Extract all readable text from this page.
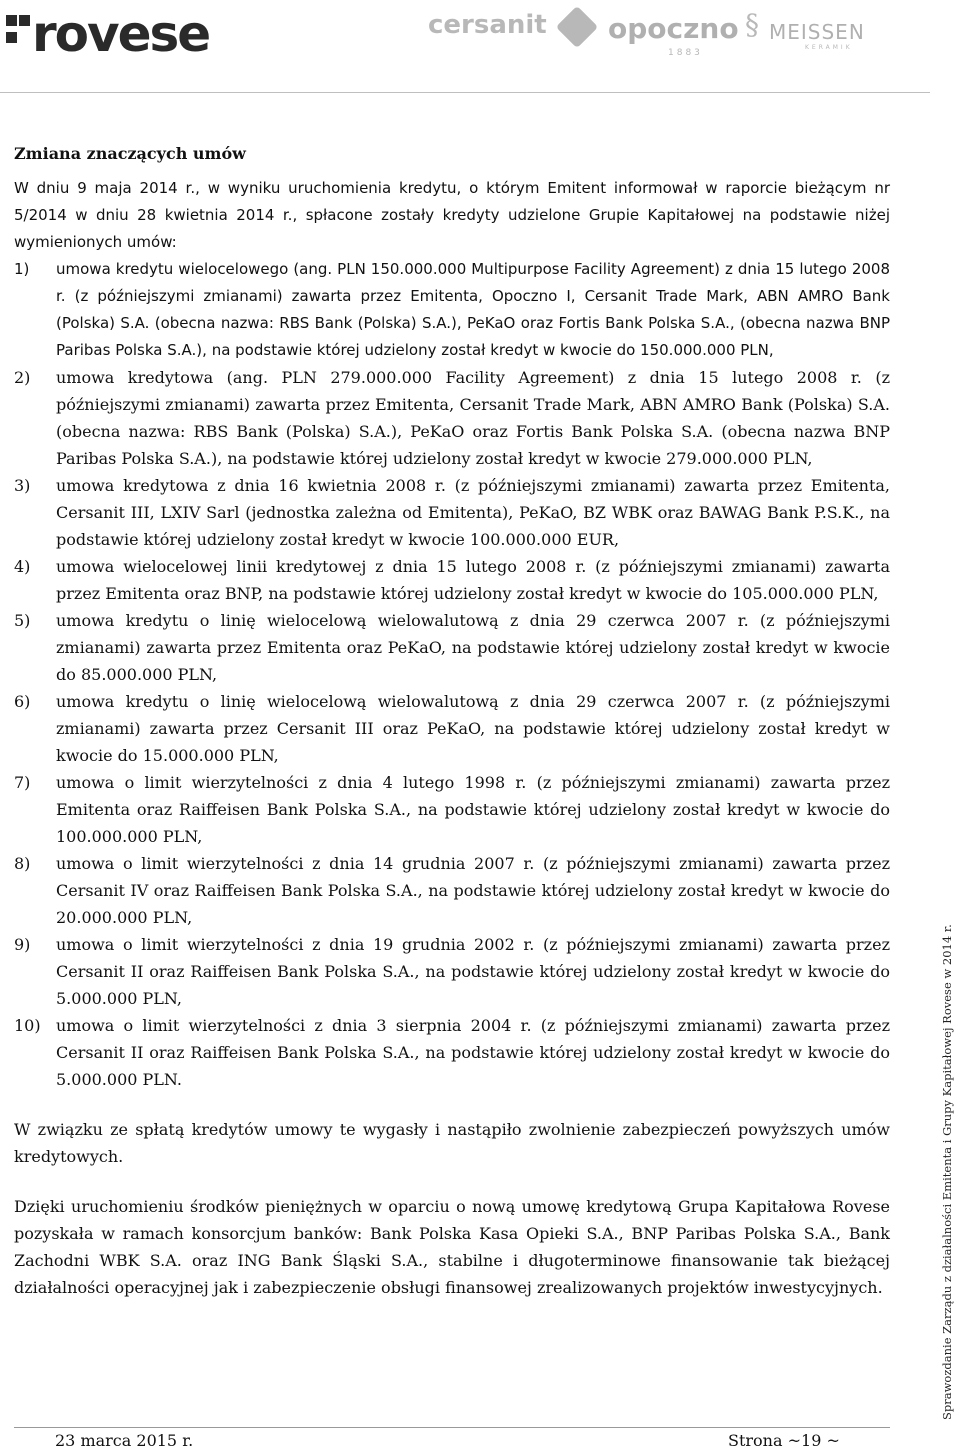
rovese	cersanit opoczno
1883
§ MEISSEN
KERAMIK

Zmiana znaczących umów

W dniu 9 maja 2014 r., w wyniku uruchomienia kredytu, o którym Emitent informował w raporcie bieżącym nr 5/2014 w dniu 28 kwietnia 2014 r., spłacone zostały kredyty udzielone Grupie Kapitałowej na podstawie niżej wymienionych umów:

1) umowa kredytu wielocelowego (ang. PLN 150.000.000 Multipurpose Facility Agreement) z dnia 15 lutego 2008 r. (z późniejszymi zmianami) zawarta przez Emitenta, Opoczno I, Cersanit Trade Mark, ABN AMRO Bank (Polska) S.A. (obecna nazwa: RBS Bank (Polska) S.A.), PeKaO oraz Fortis Bank Polska S.A., (obecna nazwa BNP Paribas Polska S.A.), na podstawie której udzielony został kredyt w kwocie do 150.000.000 PLN,
2) umowa kredytowa (ang. PLN 279.000.000 Facility Agreement) z dnia 15 lutego 2008 r. (z późniejszymi zmianami) zawarta przez Emitenta, Cersanit Trade Mark, ABN AMRO Bank (Polska) S.A. (obecna nazwa: RBS Bank (Polska) S.A.), PeKaO oraz Fortis Bank Polska S.A. (obecna nazwa BNP Paribas Polska S.A.), na podstawie której udzielony został kredyt w kwocie 279.000.000 PLN,
3) umowa kredytowa z dnia 16 kwietnia 2008 r. (z późniejszymi zmianami) zawarta przez Emitenta, Cersanit III, LXIV Sarl (jednostka zależna od Emitenta), PeKaO, BZ WBK oraz BAWAG Bank P.S.K., na podstawie której udzielony został kredyt w kwocie 100.000.000 EUR,
4) umowa wielocelowej linii kredytowej z dnia 15 lutego 2008 r. (z późniejszymi zmianami) zawarta przez Emitenta oraz BNP, na podstawie której udzielony został kredyt w kwocie do 105.000.000 PLN,
5) umowa kredytu o linię wielocelową wielowalutową z dnia 29 czerwca 2007 r. (z późniejszymi zmianami) zawarta przez Emitenta oraz PeKaO, na podstawie której udzielony został kredyt w kwocie do 85.000.000 PLN,
6) umowa kredytu o linię wielocelową wielowalutową z dnia 29 czerwca 2007 r. (z późniejszymi zmianami) zawarta przez Cersanit III oraz PeKaO, na podstawie której udzielony został kredyt w kwocie do 15.000.000 PLN,
7) umowa o limit wierzytelności z dnia 4 lutego 1998 r. (z późniejszymi zmianami) zawarta przez Emitenta oraz Raiffeisen Bank Polska S.A., na podstawie której udzielony został kredyt w kwocie do 100.000.000 PLN,
8) umowa o limit wierzytelności z dnia 14 grudnia 2007 r. (z późniejszymi zmianami) zawarta przez Cersanit IV oraz Raiffeisen Bank Polska S.A., na podstawie której udzielony został kredyt w kwocie do 20.000.000 PLN,
9) umowa o limit wierzytelności z dnia 19 grudnia 2002 r. (z późniejszymi zmianami) zawarta przez Cersanit II oraz Raiffeisen Bank Polska S.A., na podstawie której udzielony został kredyt w kwocie do 5.000.000 PLN,
10) umowa o limit wierzytelności z dnia 3 sierpnia 2004 r. (z późniejszymi zmianami) zawarta przez Cersanit II oraz Raiffeisen Bank Polska S.A., na podstawie której udzielony został kredyt w kwocie do 5.000.000 PLN.

W związku ze spłatą kredytów umowy te wygasły i nastąpiło zwolnienie zabezpieczeń powyższych umów kredytowych.

Dzięki uruchomieniu środków pieniężnych w oparciu o nową umowę kredytową Grupa Kapitałowa Rovese pozyskała w ramach konsorcjum banków: Bank Polska Kasa Opieki S.A., BNP Paribas Polska S.A., Bank Zachodni WBK S.A. oraz ING Bank Śląski S.A., stabilne i długoterminowe finansowanie tak bieżącej działalności operacyjnej jak i zabezpieczenie obsługi finansowej zrealizowanych projektów inwestycyjnych.

23 marca 2015 r.	Strona ~19 ~
Sprawozdanie Zarządu z działalności Emitenta i Grupy Kapitałowej Rovese w 2014 r.
